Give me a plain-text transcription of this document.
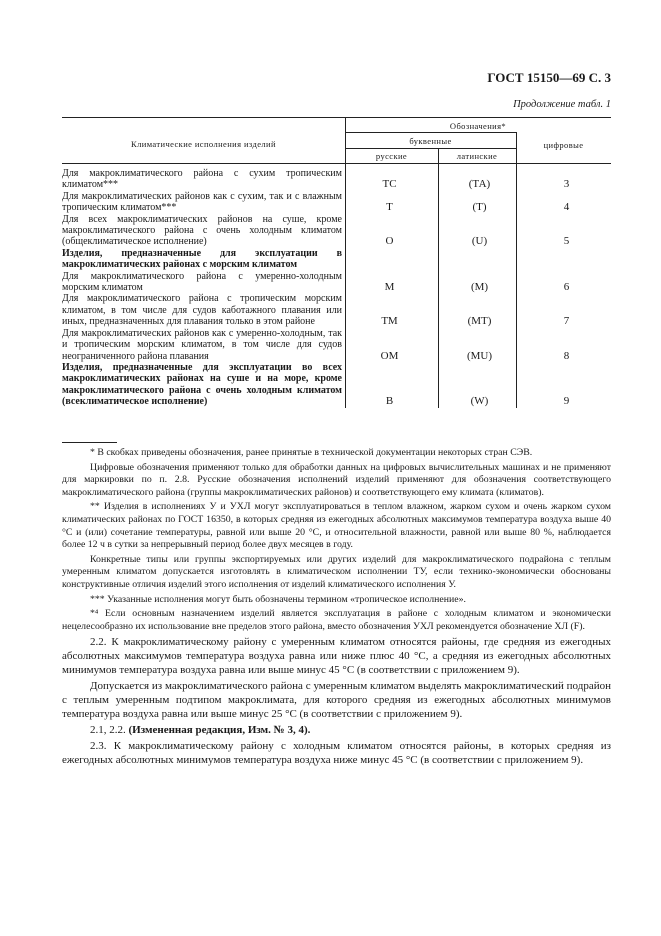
ГОСТ 15150—69 С. 3
Продолжение табл. 1
Климатические исполнения изделий
Обозначения*
буквенные	цифровые
русские	латинские
Для макроклиматического района с сухим тропическим климатом***	ТС	(ТА)	3
Для макроклиматических районов как с сухим, так и с влажным тропическим климатом***	Т	(Т)	4
Для всех макроклиматических районов на суше, кроме макроклиматического района с очень холодным климатом (общеклиматическое исполнение)	О	(U)	5
Изделия, предназначенные для эксплуатации в макроклиматических районах с морским климатом
Для макроклиматического района с умеренно-холодным морским климатом	М	(М)	6
Для макроклиматического района с тропическим морским климатом, в том числе для судов каботажного плавания или иных, предназначенных для плавания только в этом районе	ТМ	(МТ)	7
Для макроклиматических районов как с умеренно-холодным, так и тропическим морским климатом, в том числе для судов неограниченного района плавания	ОМ	(MU)	8
Изделия, предназначенные для эксплуатации во всех макроклиматических районах на суше и на море, кроме макроклиматического района с очень холодным климатом (всеклиматическое исполнение)	В	(W)	9

* В скобках приведены обозначения, ранее принятые в технической документации некоторых стран СЭВ.

Цифровые обозначения применяют только для обработки данных на цифровых вычислительных машинах и не применяют для маркировки по п. 2.8. Русские обозначения исполнений изделий применяют для обозначения соответствующего макроклиматического района (группы макроклиматических районов) и соответствующего ему климата (климатов).

** Изделия в исполнениях У и УХЛ могут эксплуатироваться в теплом влажном, жарком сухом и очень жарком сухом климатических районах по ГОСТ 16350, в которых средняя из ежегодных абсолютных максимумов температура воздуха выше 40 °С и (или) сочетание температуры, равной или выше 20 °С, и относительной влажности, равной или выше 80 %, наблюдается более 12 ч в сутки за непрерывный период более двух месяцев в году.

Конкретные типы или группы экспортируемых или других изделий для макроклиматического подрайона с теплым умеренным климатом допускается изготовлять в климатическом исполнении ТУ, если технико-экономически обоснованы конструктивные отличия изделий этого исполнения от изделий климатического исполнения У.

*** Указанные исполнения могут быть обозначены термином «тропическое исполнение».

*⁴ Если основным назначением изделий является эксплуатация в районе с холодным климатом и экономически нецелесообразно их использование вне пределов этого района, вместо обозначения УХЛ рекомендуется обозначение ХЛ (F).

2.2. К макроклиматическому району с умеренным климатом относятся районы, где средняя из ежегодных абсолютных максимумов температура воздуха равна или ниже плюс 40 °С, а средняя из ежегодных абсолютных минимумов температура воздуха равна или выше минус 45 °С (в соответствии с приложением 9).

Допускается из макроклиматического района с умеренным климатом выделять макроклиматический подрайон с теплым умеренным подтипом макроклимата, для которого средняя из ежегодных абсолютных минимумов температура воздуха равна или выше минус 25 °С (в соответствии с приложением 9).

2.1, 2.2. (Измененная редакция, Изм. № 3, 4).

2.3. К макроклиматическому району с холодным климатом относятся районы, в которых средняя из ежегодных абсолютных минимумов температура воздуха ниже минус 45 °С (в соответствии с приложением 9).
